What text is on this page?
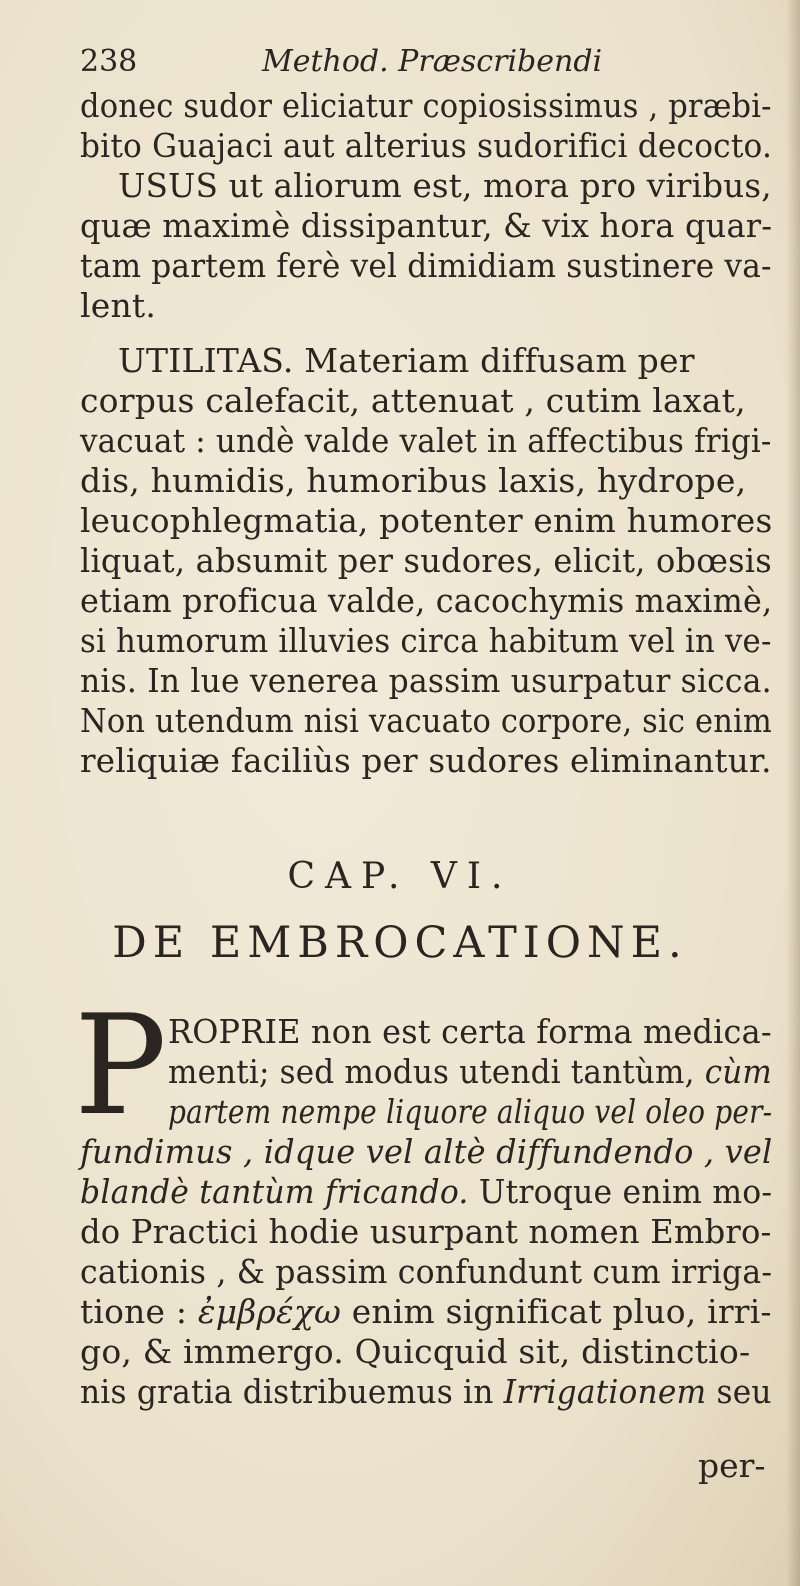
238	Method. Præscribendi
donec sudor eliciatur copiosissimus , præbi-
bito Guajaci aut alterius sudorifici decocto.
USUS ut aliorum est, mora pro viribus,
quæ maximè dissipantur, & vix hora quar-
tam partem ferè vel dimidiam sustinere va-
lent.
UTILITAS. Materiam diffusam per
corpus calefacit, attenuat , cutim laxat,
vacuat : undè valde valet in affectibus frigi-
dis, humidis, humoribus laxis, hydrope,
leucophlegmatia, potenter enim humores
liquat, absumit per sudores, elicit, obœsis
etiam proficua valde, cacochymis maximè,
si humorum illuvies circa habitum vel in ve-
nis. In lue venerea passim usurpatur sicca.
Non utendum nisi vacuato corpore, sic enim
reliquiæ faciliùs per sudores eliminantur.
CAP. VI.
DE EMBROCATIONE.
P ROPRIE non est certa forma medica-
menti; sed modus utendi tantùm, cùm
partem nempe liquore aliquo vel oleo per-
fundimus , idque vel altè diffundendo , vel
blandè tantùm fricando. Utroque enim mo-
do Practici hodie usurpant nomen Embro-
cationis , & passim confundunt cum irriga-
tione : ἐμβρέχω enim significat pluo, irri-
go, & immergo. Quicquid sit, distinctio-
nis gratia distribuemus in Irrigationem seu
per-
